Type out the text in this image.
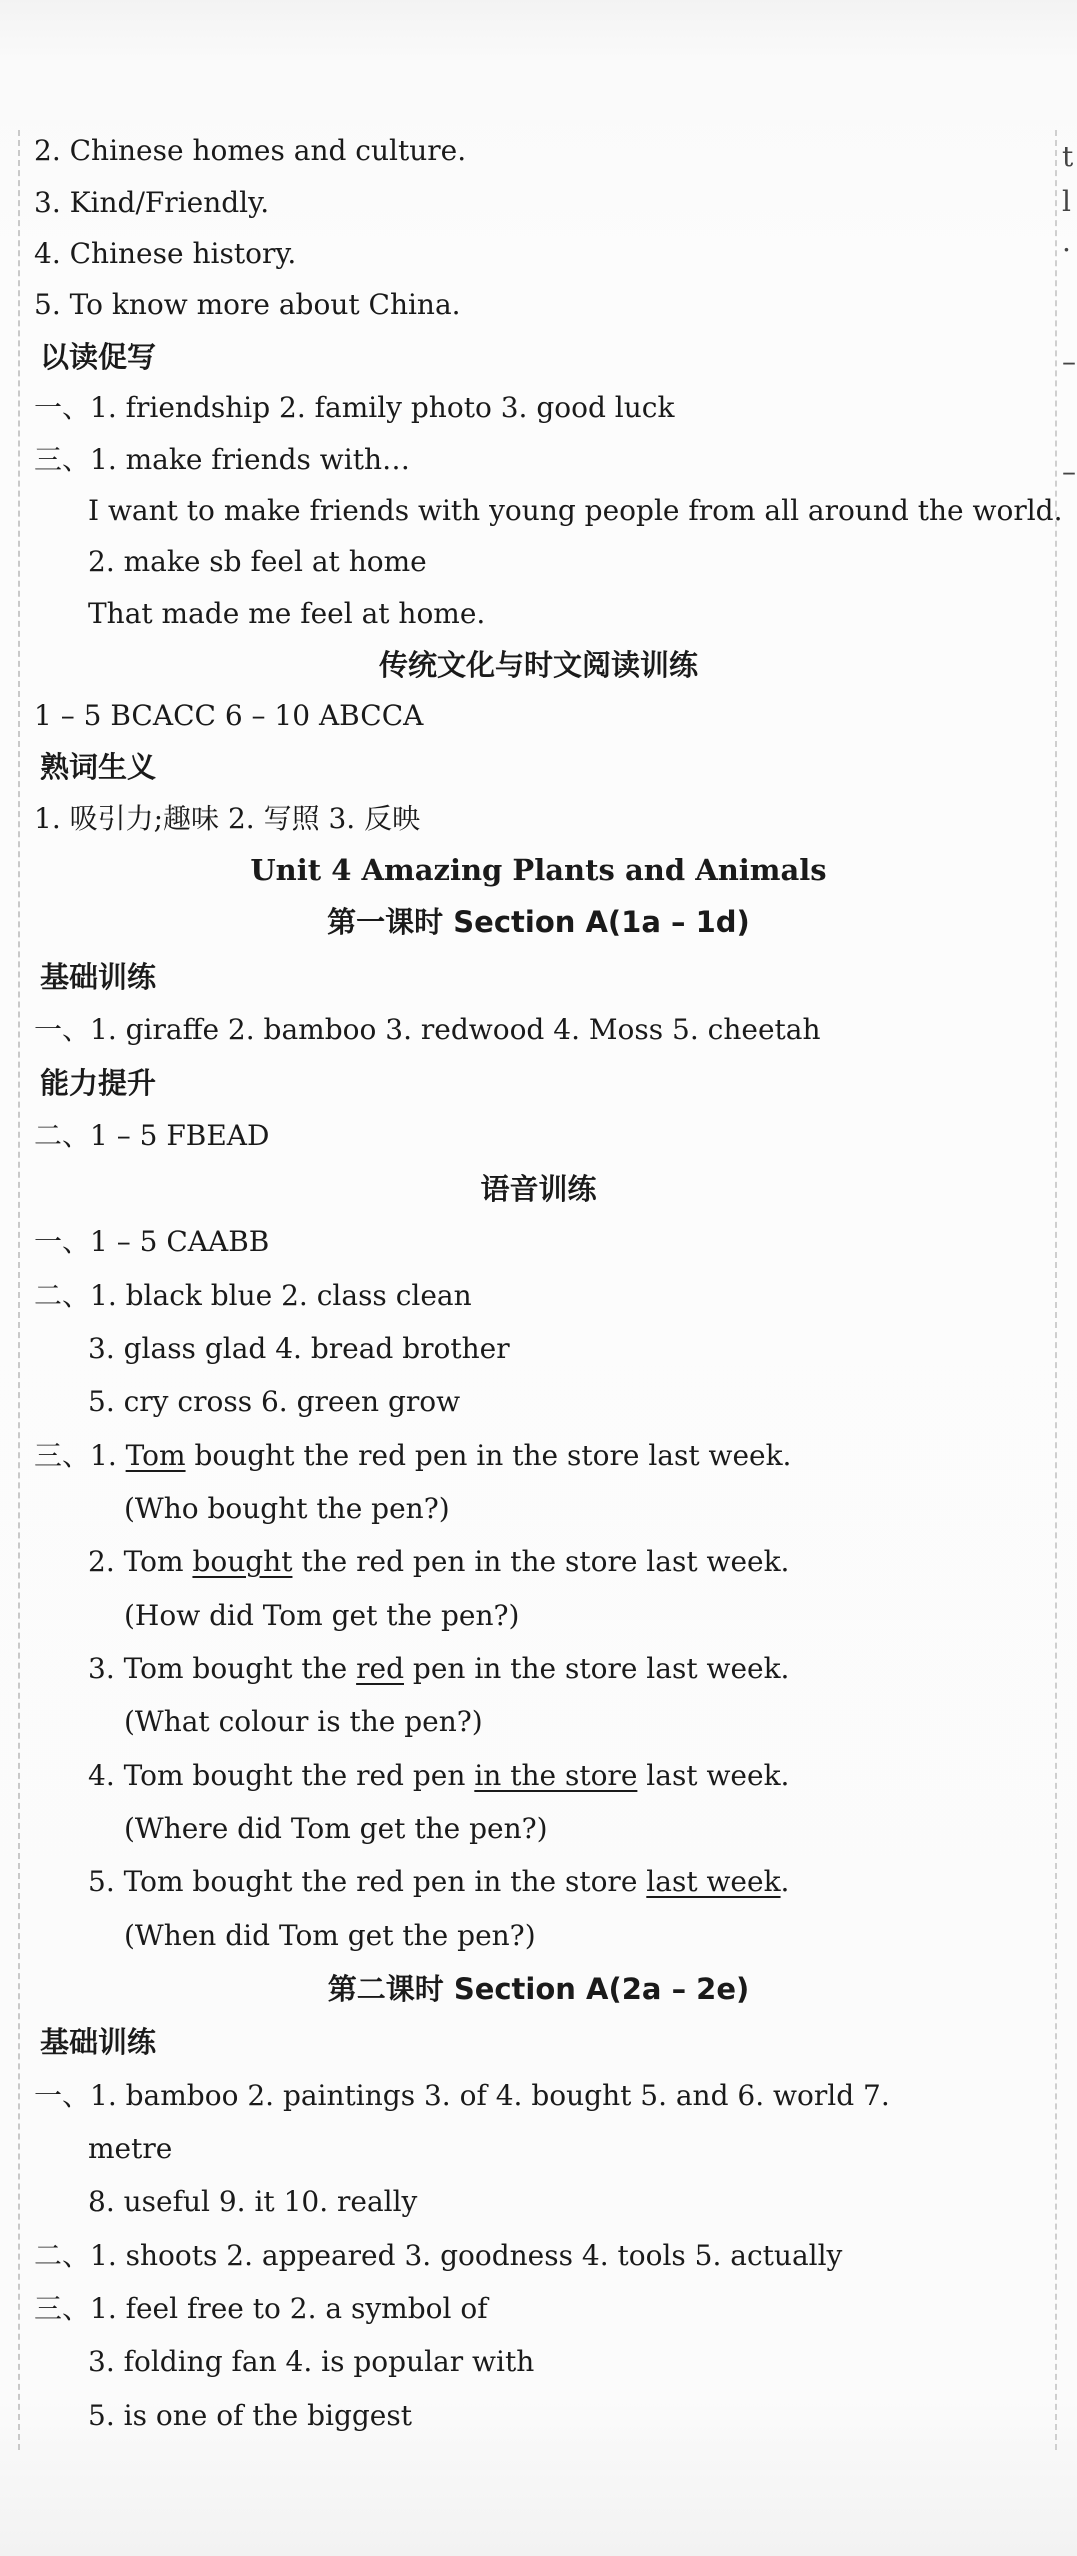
t
l
.
–
–
2. Chinese homes and culture.
3. Kind/Friendly.
4. Chinese history.
5. To know more about China.
以读促写
一、1. friendship 2. family photo 3. good luck
三、1. make friends with…
I want to make friends with young people from all around the world.
2. make sb feel at home
That made me feel at home.
传统文化与时文阅读训练
1 – 5 BCACC 6 – 10 ABCCA
熟词生义
1. 吸引力;趣味 2. 写照 3. 反映
Unit 4 Amazing Plants and Animals
第一课时 Section A(1a – 1d)
基础训练
一、1. giraffe 2. bamboo 3. redwood 4. Moss 5. cheetah
能力提升
二、1 – 5 FBEAD
语音训练
一、1 – 5 CAABB
二、1. black blue 2. class clean
3. glass glad 4. bread brother
5. cry cross 6. green grow
三、1. Tom bought the red pen in the store last week.
(Who bought the pen?)
2. Tom bought the red pen in the store last week.
(How did Tom get the pen?)
3. Tom bought the red pen in the store last week.
(What colour is the pen?)
4. Tom bought the red pen in the store last week.
(Where did Tom get the pen?)
5. Tom bought the red pen in the store last week.
(When did Tom get the pen?)
第二课时 Section A(2a – 2e)
基础训练
一、1. bamboo 2. paintings 3. of 4. bought 5. and 6. world 7.
metre
8. useful 9. it 10. really
二、1. shoots 2. appeared 3. goodness 4. tools 5. actually
三、1. feel free to 2. a symbol of
3. folding fan 4. is popular with
5. is one of the biggest
